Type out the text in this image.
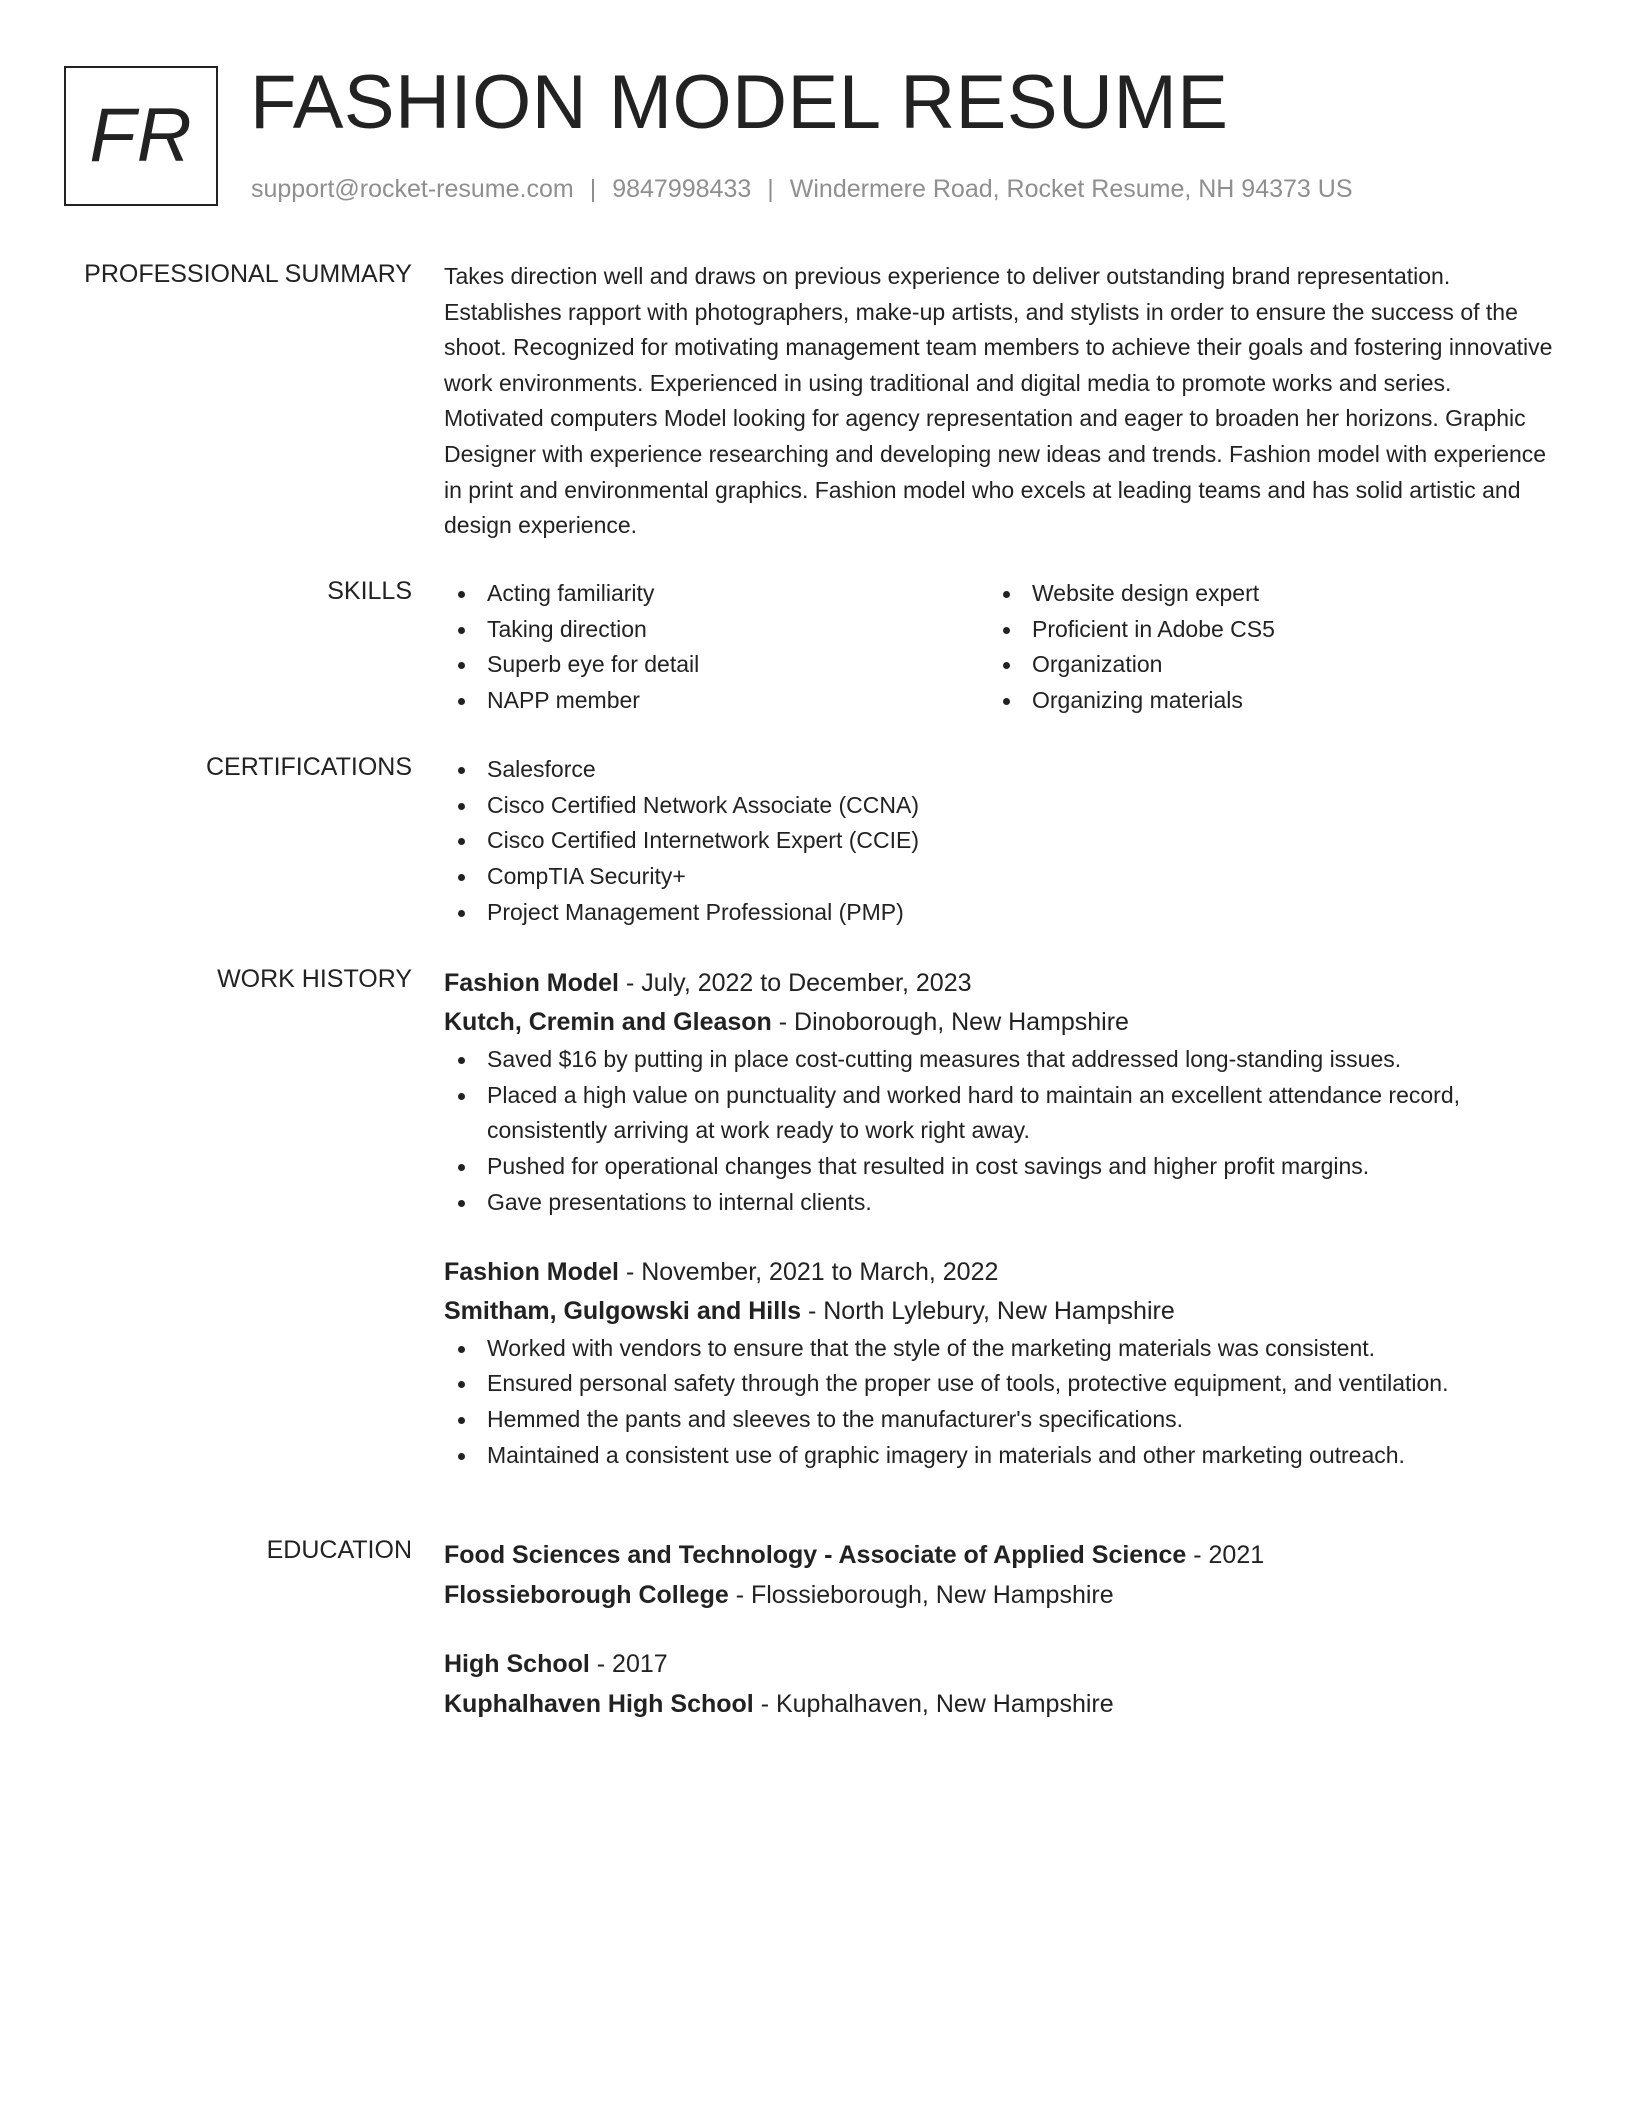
FR FASHION MODEL RESUME
support@rocket-resume.com | 9847998433 | Windermere Road, Rocket Resume, NH 94373 US
PROFESSIONAL SUMMARY Takes direction well and draws on previous experience to deliver outstanding brand representation. Establishes rapport with photographers, make-up artists, and stylists in order to ensure the success of the shoot. Recognized for motivating management team members to achieve their goals and fostering innovative work environments. Experienced in using traditional and digital media to promote works and series. Motivated computers Model looking for agency representation and eager to broaden her horizons. Graphic Designer with experience researching and developing new ideas and trends. Fashion model with experience in print and environmental graphics. Fashion model who excels at leading teams and has solid artistic and design experience.

SKILLS	Acting familiarity
Taking direction
Superb eye for detail
NAPP member
Website design expert
Proficient in Adobe CS5
Organization
Organizing materials
CERTIFICATIONS	Salesforce
Cisco Certified Network Associate (CCNA)
Cisco Certified Internetwork Expert (CCIE)
CompTIA Security+
Project Management Professional (PMP)
WORK HISTORY Fashion Model - July, 2022 to December, 2023
Kutch, Cremin and Gleason - Dinoborough, New Hampshire
Saved $16 by putting in place cost-cutting measures that addressed long-standing issues.
Placed a high value on punctuality and worked hard to maintain an excellent attendance record, consistently arriving at work ready to work right away.
Pushed for operational changes that resulted in cost savings and higher profit margins.
Gave presentations to internal clients.
Fashion Model - November, 2021 to March, 2022
Smitham, Gulgowski and Hills - North Lylebury, New Hampshire
Worked with vendors to ensure that the style of the marketing materials was consistent.
Ensured personal safety through the proper use of tools, protective equipment, and ventilation.
Hemmed the pants and sleeves to the manufacturer's specifications.
Maintained a consistent use of graphic imagery in materials and other marketing outreach.
EDUCATION Food Sciences and Technology - Associate of Applied Science - 2021
Flossieborough College - Flossieborough, New Hampshire
High School - 2017
Kuphalhaven High School - Kuphalhaven, New Hampshire
